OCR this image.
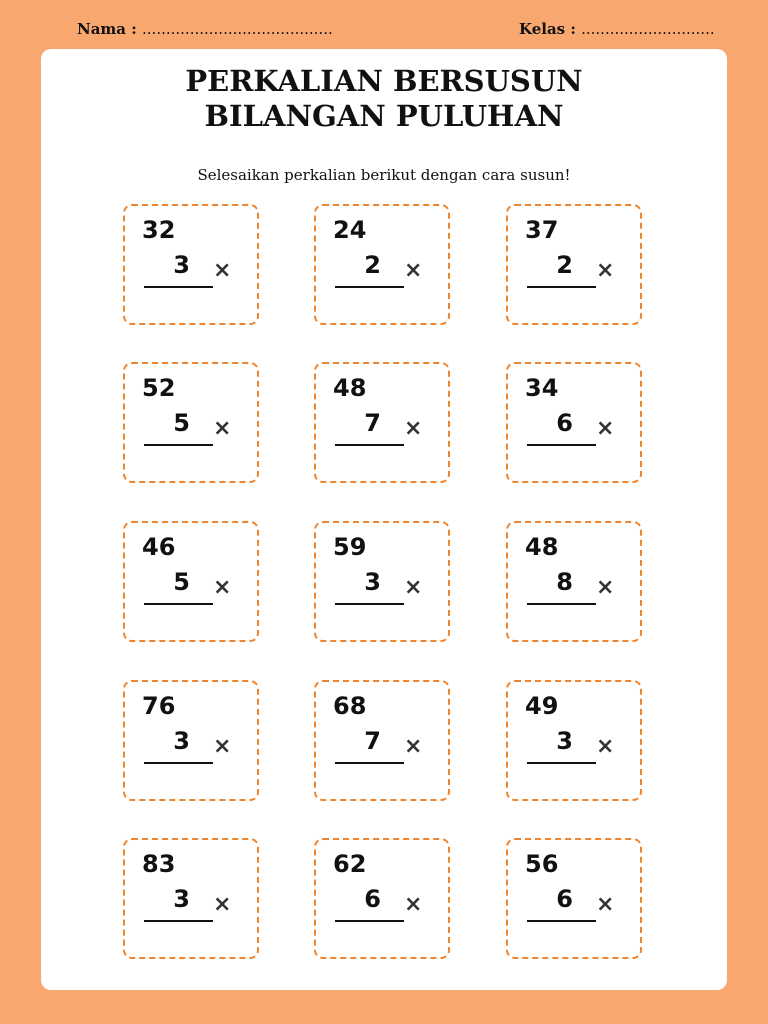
Nama : ........................................	Kelas : ............................
PERKALIAN BERSUSUN
BILANGAN PULUHAN
Selesaikan perkalian berikut dengan cara susun!
32
3 ×
24
2 ×
37
2 ×
52
5 ×
48
7 ×
34
6 ×
46
5 ×
59
3 ×
48
8 ×
76
3 ×
68
7 ×
49
3 ×
83
3 ×
62
6 ×
56
6 ×
